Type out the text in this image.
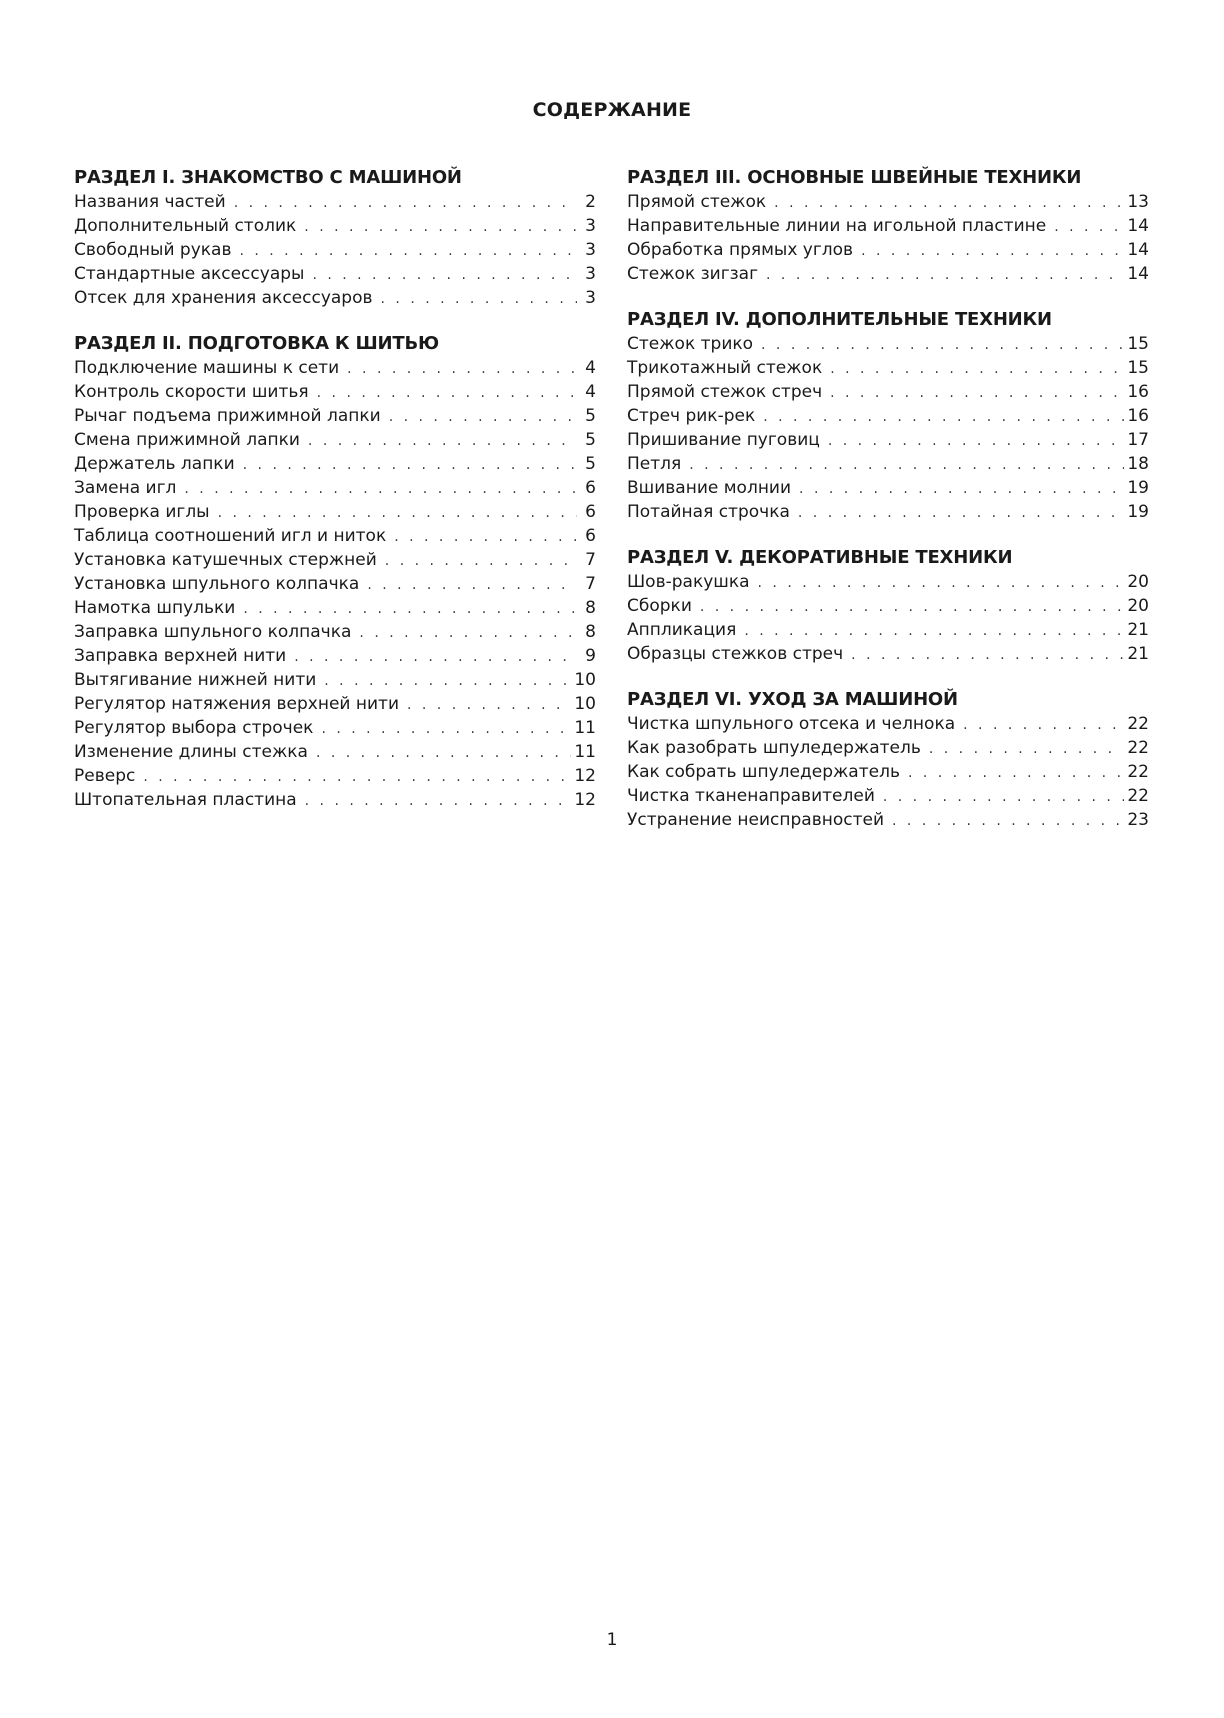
СОДЕРЖАНИЕ
РАЗДЕЛ I. ЗНАКОМСТВО С МАШИНОЙ
Названия частей . . .	2
Дополнительный столик . . .	3
Свободный рукав . . .	3
Стандартные аксессуары . . .	3
Отсек для хранения аксессуаров . . .	3
РАЗДЕЛ II. ПОДГОТОВКА К ШИТЬЮ
Подключение машины к сети . . .	4
Контроль скорости шитья . . .	4
Рычаг подъема прижимной лапки . . .	5
Смена прижимной лапки . . .	5
Держатель лапки . . .	5
Замена игл . . .	6
Проверка иглы . . .	6
Таблица соотношений игл и ниток . . .	6
Установка катушечных стержней . . .	7
Установка шпульного колпачка . . .	7
Намотка шпульки . . .	8
Заправка шпульного колпачка . . .	8
Заправка верхней нити . . .	9
Вытягивание нижней нити . . .	10
Регулятор натяжения верхней нити . . .	10
Регулятор выбора строчек . . .	11
Изменение длины стежка . . .	11
Реверс . . .	12
Штопательная пластина . . .	12
РАЗДЕЛ III. ОСНОВНЫЕ ШВЕЙНЫЕ ТЕХНИКИ
Прямой стежок . . .	13
Направительные линии на игольной пластине . . .	14
Обработка прямых углов . . .	14
Стежок зигзаг . . .	14
РАЗДЕЛ IV. ДОПОЛНИТЕЛЬНЫЕ ТЕХНИКИ
Стежок трико . . .	15
Трикотажный стежок . . .	15
Прямой стежок стреч . . .	16
Стреч рик-рек . . .	16
Пришивание пуговиц . . .	17
Петля . . .	18
Вшивание молнии . . .	19
Потайная строчка . . .	19
РАЗДЕЛ V. ДЕКОРАТИВНЫЕ ТЕХНИКИ
Шов-ракушка . . .	20
Сборки . . .	20
Аппликация . . .	21
Образцы стежков стреч . . .	21
РАЗДЕЛ VI. УХОД ЗА МАШИНОЙ
Чистка шпульного отсека и челнока . . .	22
Как разобрать шпуледержатель . . .	22
Как собрать шпуледержатель . . .	22
Чистка тканенаправителей . . .	22
Устранение неисправностей . . .	23
1
